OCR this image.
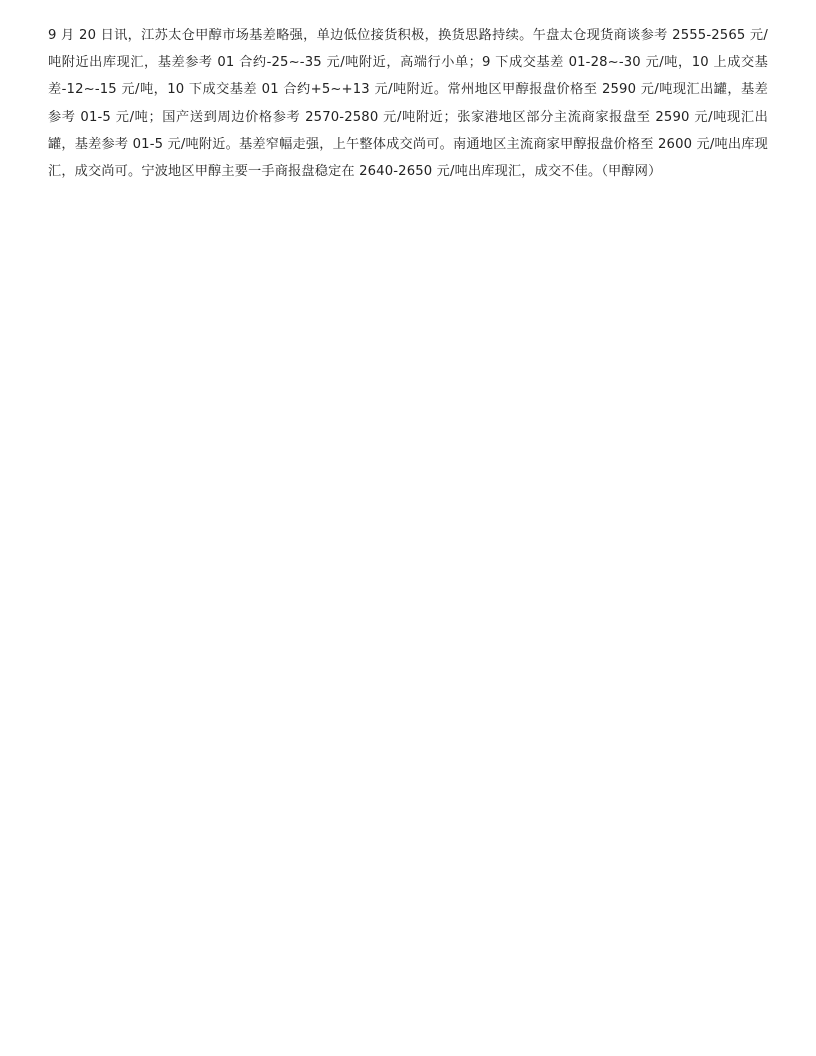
9 月 20 日讯，江苏太仓甲醇市场基差略强，单边低位接货积极，换货思路持续。午盘太仓现货商谈参考 2555-2565 元/吨附近出库现汇，基差参考 01 合约-25~-35 元/吨附近，高端行小单；9 下成交基差 01-28~-30 元/吨，10 上成交基差-12~-15 元/吨，10 下成交基差 01 合约+5~+13 元/吨附近。常州地区甲醇报盘价格至 2590 元/吨现汇出罐，基差参考 01-5 元/吨；国产送到周边价格参考 2570-2580 元/吨附近；张家港地区部分主流商家报盘至 2590 元/吨现汇出罐，基差参考 01-5 元/吨附近。基差窄幅走强，上午整体成交尚可。南通地区主流商家甲醇报盘价格至 2600 元/吨出库现汇，成交尚可。宁波地区甲醇主要一手商报盘稳定在 2640-2650 元/吨出库现汇，成交不佳。（甲醇网）
